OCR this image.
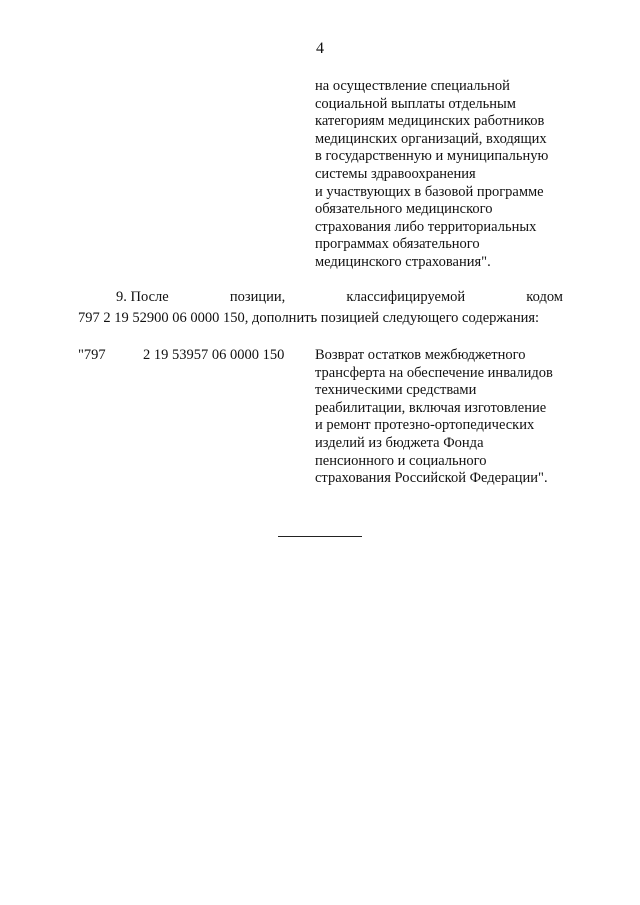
4
на осуществление специальной
социальной выплаты отдельным
категориям медицинских работников
медицинских организаций, входящих
в государственную и муниципальную
системы здравоохранения
и участвующих в базовой программе
обязательного медицинского
страхования либо территориальных
программах обязательного
медицинского страхования".
9. После	позиции,	классифицируемой	кодом
797 2 19 52900 06 0000 150, дополнить позицией следующего содержания:
"797	2 19 53957 06 0000 150 Возврат остатков межбюджетного
трансферта на обеспечение инвалидов
техническими средствами
реабилитации, включая изготовление
и ремонт протезно-ортопедических
изделий из бюджета Фонда
пенсионного и социального
страхования Российской Федерации".
